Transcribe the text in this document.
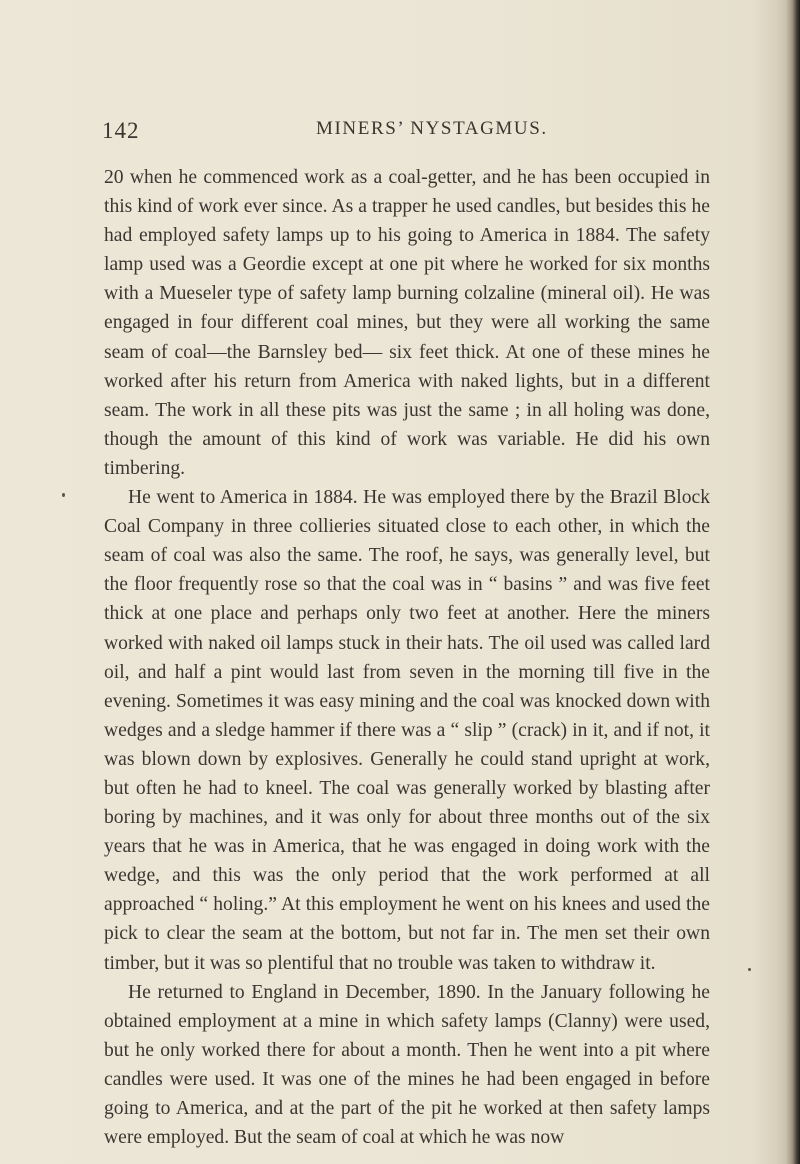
142	MINERS’ NYSTAGMUS.

20 when he commenced work as a coal-getter, and he has been occupied in this kind of work ever since. As a trapper he used candles, but besides this he had employed safety lamps up to his going to America in 1884. The safety lamp used was a Geordie except at one pit where he worked for six months with a Mueseler type of safety lamp burning colzaline (mineral oil). He was engaged in four different coal mines, but they were all working the same seam of coal—the Barnsley bed— six feet thick. At one of these mines he worked after his return from America with naked lights, but in a different seam. The work in all these pits was just the same ; in all holing was done, though the amount of this kind of work was variable. He did his own timbering.

He went to America in 1884. He was employed there by the Brazil Block Coal Company in three collieries situated close to each other, in which the seam of coal was also the same. The roof, he says, was generally level, but the floor frequently rose so that the coal was in “ basins ” and was five feet thick at one place and perhaps only two feet at another. Here the miners worked with naked oil lamps stuck in their hats. The oil used was called lard oil, and half a pint would last from seven in the morning till five in the evening. Sometimes it was easy mining and the coal was knocked down with wedges and a sledge hammer if there was a “ slip ” (crack) in it, and if not, it was blown down by explosives. Generally he could stand upright at work, but often he had to kneel. The coal was generally worked by blasting after boring by machines, and it was only for about three months out of the six years that he was in America, that he was engaged in doing work with the wedge, and this was the only period that the work performed at all approached “ holing.” At this employment he went on his knees and used the pick to clear the seam at the bottom, but not far in. The men set their own timber, but it was so plentiful that no trouble was taken to withdraw it.

He returned to England in December, 1890. In the January following he obtained employment at a mine in which safety lamps (Clanny) were used, but he only worked there for about a month. Then he went into a pit where candles were used. It was one of the mines he had been engaged in before going to America, and at the part of the pit he worked at then safety lamps were employed. But the seam of coal at which he was now
